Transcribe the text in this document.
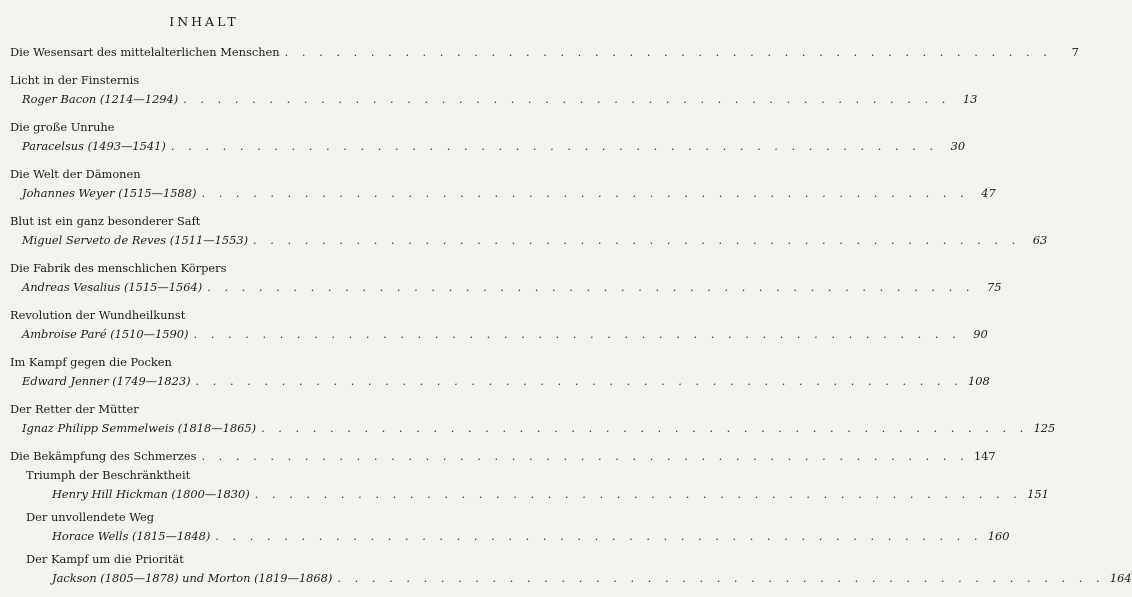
INHALT
Die Wesensart des mittelalterlichen Menschen . . . . . . . . . . . . . . . . . . . . . . . . . . . . . . . . . . . . . . . . . . . . .	7
Licht in der Finsternis
Roger Bacon (1214—1294) . . . . . . . . . . . . . . . . . . . . . . . . . . . . . . . . . . . . . . . . . . . . .	13
Die große Unruhe
Paracelsus (1493—1541) . . . . . . . . . . . . . . . . . . . . . . . . . . . . . . . . . . . . . . . . . . . . .	30
Die Welt der Dämonen
Johannes Weyer (1515—1588) . . . . . . . . . . . . . . . . . . . . . . . . . . . . . . . . . . . . . . . . . . . . .	47
Blut ist ein ganz besonderer Saft
Miguel Serveto de Reves (1511—1553) . . . . . . . . . . . . . . . . . . . . . . . . . . . . . . . . . . . . . . . . . . . . .	63
Die Fabrik des menschlichen Körpers
Andreas Vesalius (1515—1564) . . . . . . . . . . . . . . . . . . . . . . . . . . . . . . . . . . . . . . . . . . . . .	75
Revolution der Wundheilkunst
Ambroise Paré (1510—1590) . . . . . . . . . . . . . . . . . . . . . . . . . . . . . . . . . . . . . . . . . . . . .	90
Im Kampf gegen die Pocken
Edward Jenner (1749—1823) . . . . . . . . . . . . . . . . . . . . . . . . . . . . . . . . . . . . . . . . . . . . . 108
Der Retter der Mütter
Ignaz Philipp Semmelweis (1818—1865) . . . . . . . . . . . . . . . . . . . . . . . . . . . . . . . . . . . . . . . . . . . . . 125
Die Bekämpfung des Schmerzes . . . . . . . . . . . . . . . . . . . . . . . . . . . . . . . . . . . . . . . . . . . . . 147
Triumph der Beschränktheit
Henry Hill Hickman (1800—1830) . . . . . . . . . . . . . . . . . . . . . . . . . . . . . . . . . . . . . . . . . . . . . 151
Der unvollendete Weg
Horace Wells (1815—1848) . . . . . . . . . . . . . . . . . . . . . . . . . . . . . . . . . . . . . . . . . . . . . 160
Der Kampf um die Priorität
Jackson (1805—1878) und Morton (1819—1868) . . . . . . . . . . . . . . . . . . . . . . . . . . . . . . . . . . . . . . . . . . . . . 164
